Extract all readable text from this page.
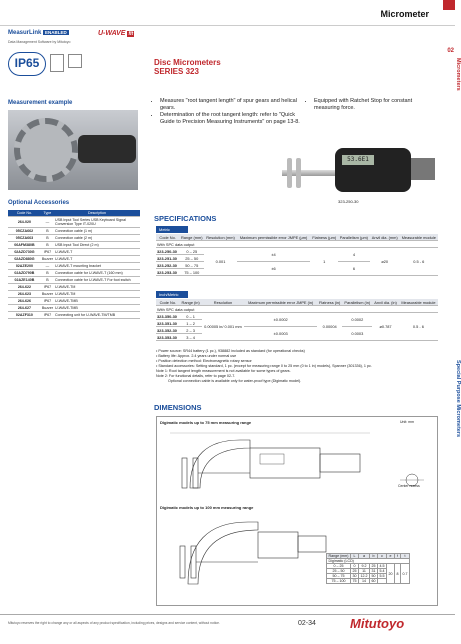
Micrometer
02
Micrometers
Special Purpose Micrometers
MeasurLink ENABLED	U-WAVE fit
Data Management Software by Mitutoyo
IP65
Measurement example
Optional Accessories
Code No.	Type	Description
264-020	—	USB Input Tool Series USB Keyboard Signal Conversion Type IT-020U
05CZA662	B	Connection cable (1 m)
05CZA663	B	Connection cable (2 m)
06AFM380B	B	USB Input Tool Direct (2 m)
02AZD730G	IP67	U-WAVE-T
02AZD880G	Buzzer	U-WAVE-T
02AZE200	—	U-WAVE-T mounting bracket
02AZD790B	B	Connection cable for U-WAVE-T (160 mm)
02AZE140B	B	Connection cable for U-WAVE-T For foot switch
264-622	IP67	U-WAVE-TM
264-623	Buzzer	U-WAVE-TM
264-626	IP67	U-WAVE-TMB
264-627	Buzzer	U-WAVE-TMB
02AZF310	IP67	Connecting unit for U-WAVE-TM/TMB
Disc Micrometers
SERIES 323
• Measures "root tangent length" of spur gears and helical gears.
• Determination of the root tangent length: refer to "Quick Guide to Precision Measuring Instruments" on page 13-8.
• Equipped with Ratchet Stop for constant measuring force.
53.6E1
323-250-30
SPECIFICATIONS
Metric
Code No.	Range (mm)	Resolution (mm)	Maximum permissible error JMPE (μm)	Flatness (μm)	Parallelism (μm)	Anvil dia. (mm)	Measurable module
With SPC data output							
323-250-30	0 – 25	0.001	±4	1	4	ø20	0.5 - 6
323-251-30	25 – 50						
323-252-30	50 – 75		±6		6		
323-253-30	75 – 100						
Inch/Metric
Code No.	Range (in)	Resolution	Maximum permissible error JMPE (in)	Flatness (in)	Parallelism (in)	Anvil dia. (in)	Measurable module
With SPC data output							
323-350-30	0 – 1	0.00005 in/ 0.001 mm	±0.0002	0.00004	0.0002	ø0.787	0.5 - 6
323-351-30	1 – 2						
323-352-30	2 – 3		±0.0003		0.0003		
323-353-30	3 – 4						
• Power source: SR44 battery (1 pc.), 938882 included as standard (for operational checks)
• Battery life: Approx. 2.4 years under normal use
• Position detection method: Electromagnetic rotary sensor
• Standard accessories: Setting standard, 1 pc. (except for measuring range 0 to 25 mm (0 to 1 in) models), Spanner (301336), 1 pc.
Note 1: Root tangent length measurement is not available for some types of gears.
Note 2: For functional details, refer to page 02-7.
Optional connection cable is available only for water-proof type (Digimatic model).
DIMENSIONS
Digimatic models up to 75 mm measuring range	Unit: mm
Center recess
Digimatic models up to 100 mm measuring range
Range (mm)	L	a	b	c	e	f	t
Digimatic (LCD)							
0 – 25	0	9.2	25	4.5	20	8	0.7
25 – 50	25	11	31	5.4			
50 – 75	30	12.2	50	5.5			
75 – 100	75	14	60				
Mitutoyo reserves the right to change any or all aspects of any product specification, including prices, designs and service content, without notice.	02-34	Mitutoyo
